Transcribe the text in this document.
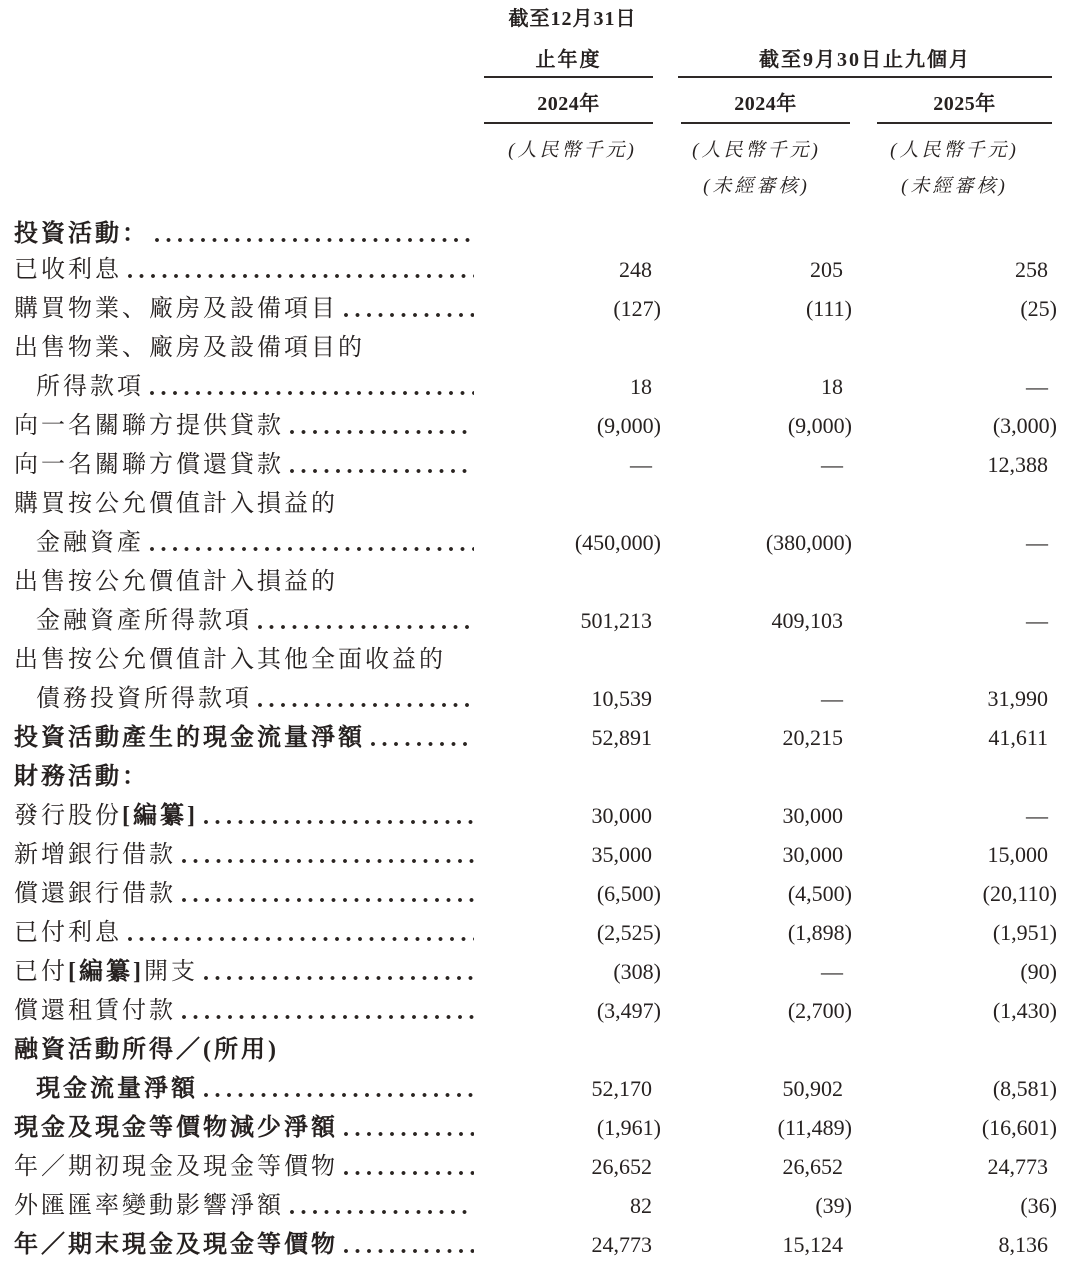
	截至12月31日		

	止年度	截至9月30日止九個月	

	2024年	2024年	2025年

	(人民幣千元)	(人民幣千元)	(人民幣千元)
		(未經審核)	(未經審核)

投資活動：			

已收利息	248	205	258

購買物業、廠房及設備項目	(127)	(111)	(25)

出售物業、廠房及設備項目的			

所得款項	18	18	—

向一名關聯方提供貸款	(9,000)	(9,000)	(3,000)

向一名關聯方償還貸款	—	—	12,388

購買按公允價值計入損益的			

金融資產	(450,000)	(380,000)	—

出售按公允價值計入損益的			

金融資產所得款項	501,213	409,103	—

出售按公允價值計入其他全面收益的			

債務投資所得款項	10,539	—	31,990

投資活動產生的現金流量淨額	52,891	20,215	41,611

財務活動：			

發行股份[編纂]	30,000	30,000	—

新增銀行借款	35,000	30,000	15,000

償還銀行借款	(6,500)	(4,500)	(20,110)

已付利息	(2,525)	(1,898)	(1,951)

已付[編纂]開支	(308)	—	(90)

償還租賃付款	(3,497)	(2,700)	(1,430)

融資活動所得／(所用)			

現金流量淨額	52,170	50,902	(8,581)

現金及現金等價物減少淨額	(1,961)	(11,489)	(16,601)

年／期初現金及現金等價物	26,652	26,652	24,773

外匯匯率變動影響淨額	82	(39)	(36)

年／期末現金及現金等價物	24,773	15,124	8,136
